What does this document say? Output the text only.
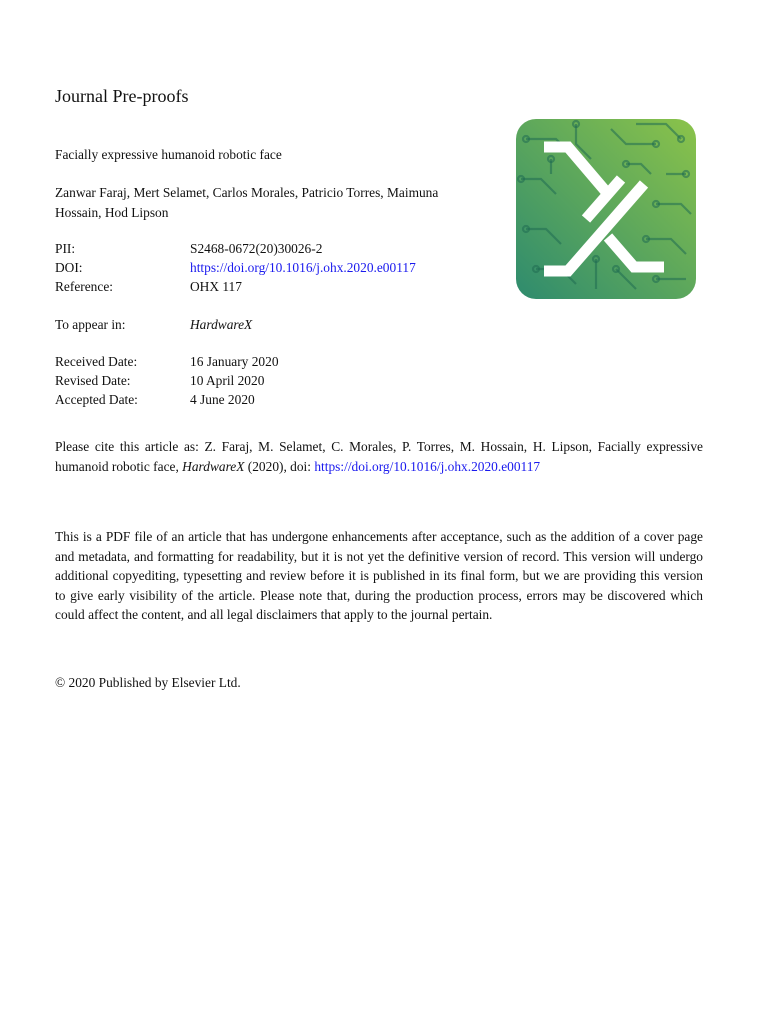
Journal Pre-proofs
Facially expressive humanoid robotic face
Zanwar Faraj, Mert Selamet, Carlos Morales, Patricio Torres, Maimuna Hossain, Hod Lipson
PII:	S2468-0672(20)30026-2
DOI:	https://doi.org/10.1016/j.ohx.2020.e00117
Reference:	OHX 117
To appear in:	HardwareX
Received Date:	16 January 2020
Revised Date:	10 April 2020
Accepted Date:	4 June 2020
Please cite this article as: Z. Faraj, M. Selamet, C. Morales, P. Torres, M. Hossain, H. Lipson, Facially expressive humanoid robotic face, HardwareX (2020), doi: https://doi.org/10.1016/j.ohx.2020.e00117
This is a PDF file of an article that has undergone enhancements after acceptance, such as the addition of a cover page and metadata, and formatting for readability, but it is not yet the definitive version of record. This version will undergo additional copyediting, typesetting and review before it is published in its final form, but we are providing this version to give early visibility of the article. Please note that, during the production process, errors may be discovered which could affect the content, and all legal disclaimers that apply to the journal pertain.
© 2020 Published by Elsevier Ltd.
